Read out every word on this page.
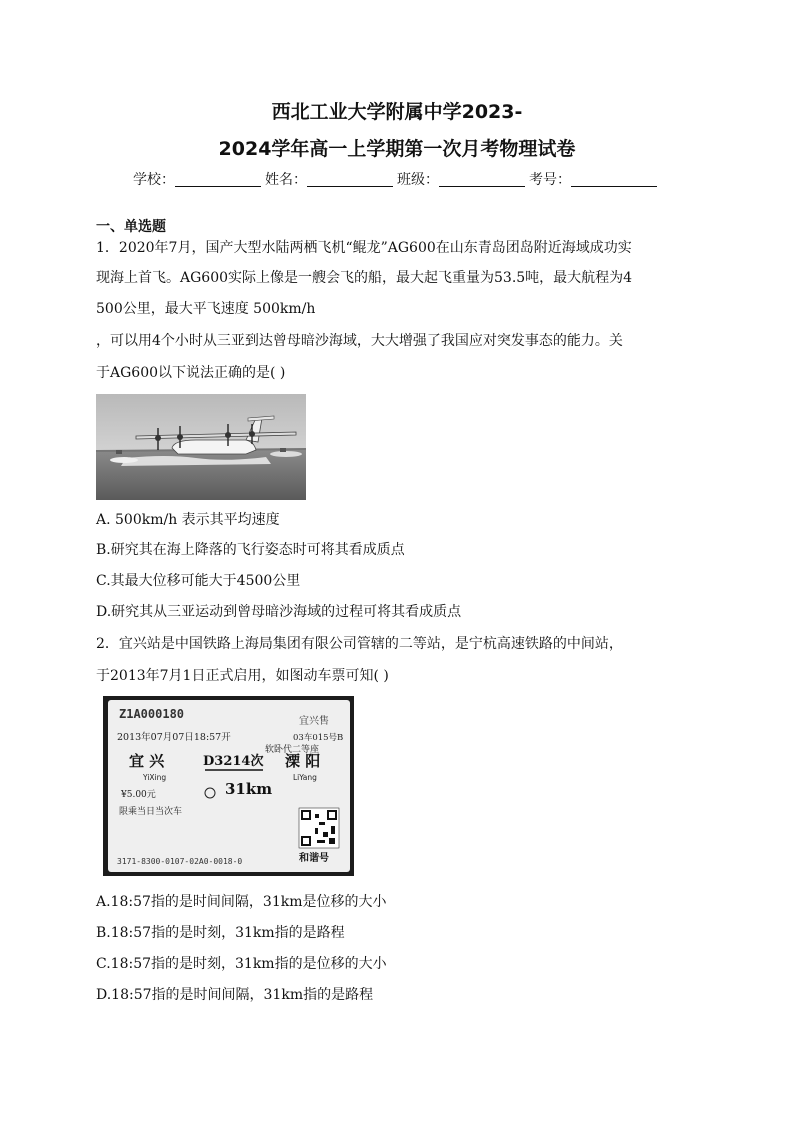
西北工业大学附属中学2023-
2024学年高一上学期第一次月考物理试卷
学校：	姓名：	班级：	考号：
一、单选题
1．2020年7月，国产大型水陆两栖飞机“鲲龙”AG600在山东青岛团岛附近海域成功实
现海上首飞。AG600实际上像是一艘会飞的船，最大起飞重量为53.5吨，最大航程为4
500公里，最大平飞速度 500km/h
，可以用4个小时从三亚到达曾母暗沙海域，大大增强了我国应对突发事态的能力。关
于AG600以下说法正确的是( )
A. 500km/h 表示其平均速度
B.研究其在海上降落的飞行姿态时可将其看成质点
C.其最大位移可能大于4500公里
D.研究其从三亚运动到曾母暗沙海域的过程可将其看成质点
2．宜兴站是中国铁路上海局集团有限公司管辖的二等站，是宁杭高速铁路的中间站，
于2013年7月1日正式启用，如图动车票可知( )
Z1A000180
宜兴售
2013年07月07日18:57开	03车015号B
软卧代二等座
宜 兴	D3214次 溧 阳
YiXing	LiYang
¥5.00元	31km
限乘当日当次车
和谐号
3171-8300-0107-02A0-0018-0
A.18:57指的是时间间隔，31km是位移的大小
B.18:57指的是时刻，31km指的是路程
C.18:57指的是时刻，31km指的是位移的大小
D.18:57指的是时间间隔，31km指的是路程
